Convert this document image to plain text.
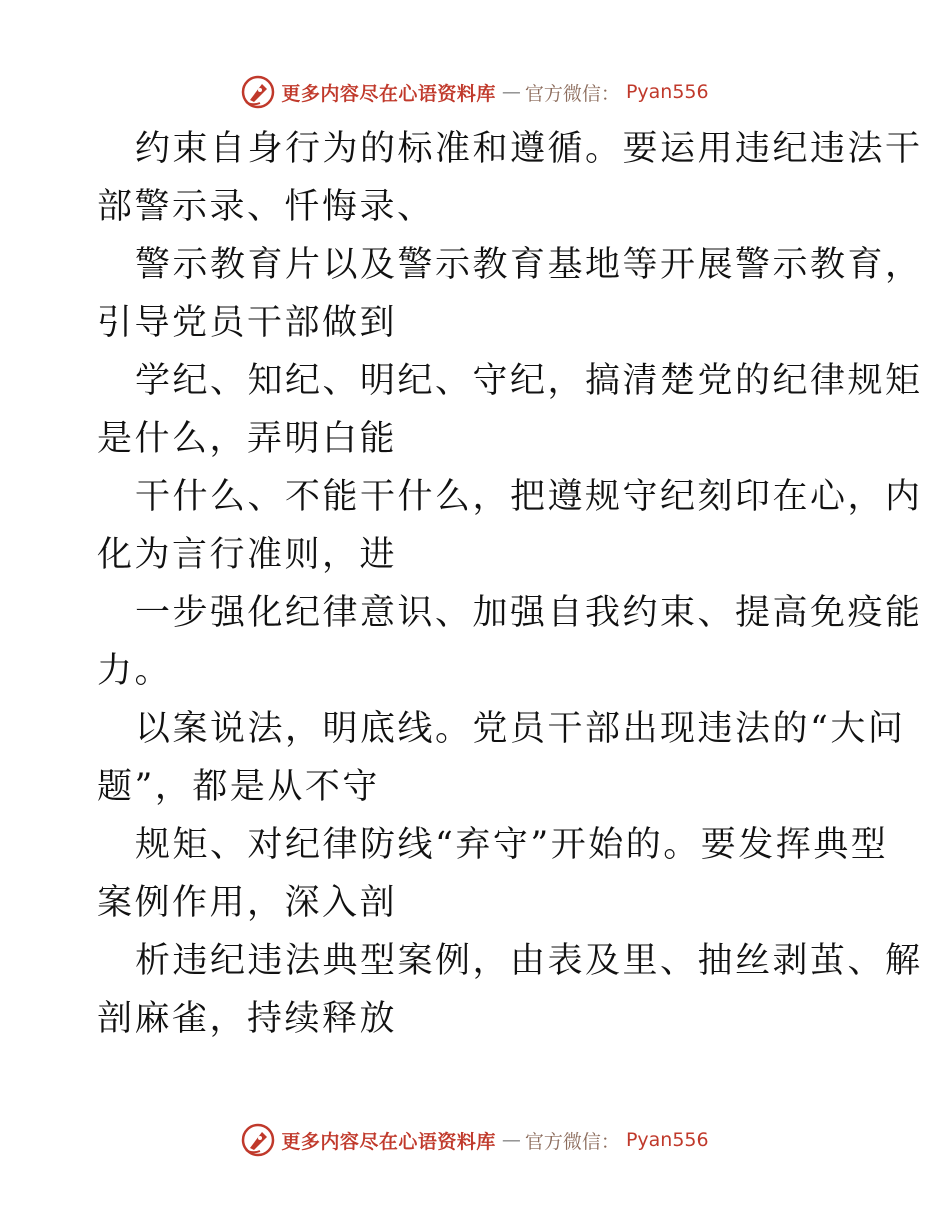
更多内容尽在心语资料库 — 官方微信： Pyan556
约束自身行为的标准和遵循。要运用违纪违法干
部警示录、忏悔录、
警示教育片以及警示教育基地等开展警示教育，
引导党员干部做到
学纪、知纪、明纪、守纪，搞清楚党的纪律规矩
是什么，弄明白能
干什么、不能干什么，把遵规守纪刻印在心，内
化为言行准则，进
一步强化纪律意识、加强自我约束、提高免疫能
力。
以案说法，明底线。党员干部出现违法的“大问
题”，都是从不守
规矩、对纪律防线“弃守”开始的。要发挥典型
案例作用，深入剖
析违纪违法典型案例，由表及里、抽丝剥茧、解
剖麻雀，持续释放
更多内容尽在心语资料库 — 官方微信： Pyan556
